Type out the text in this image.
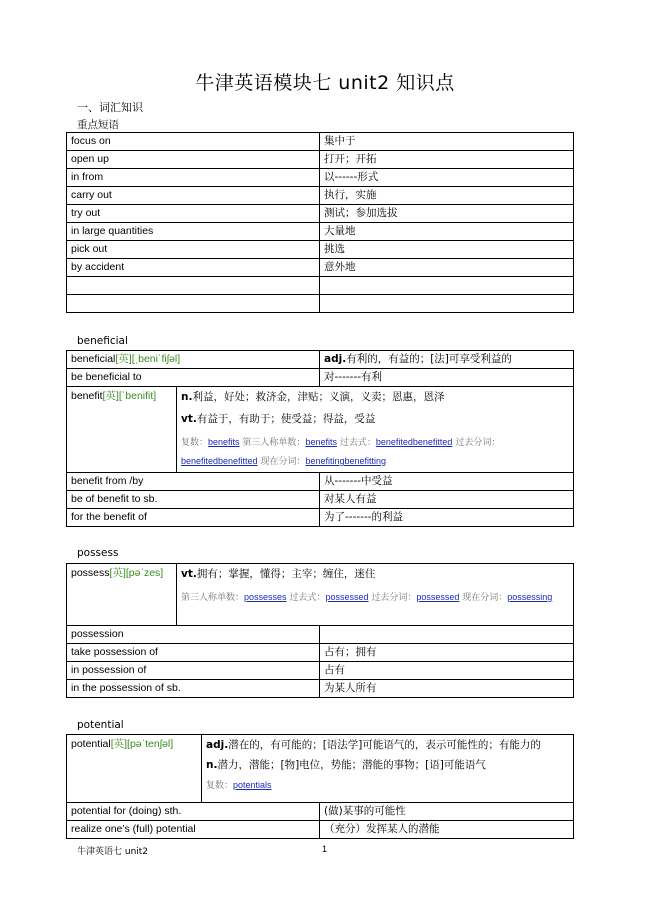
牛津英语模块七 unit2 知识点
一、词汇知识
重点短语
focus on	集中于
open up	打开；开拓
in from	以------形式
carry out	执行，实施
try out	测试；参加选拔
in large quantities	大量地
pick out	挑选
by accident	意外地

beneficial
beneficial[英][ˌbeniˈfiʃəl]		adj.有利的，有益的；[法]可享受利益的
be beneficial to		对-------有利
benefit[英][ˈbenifit]	n.利益，好处；救济金，津贴；义演，义卖；恩惠，恩泽
vt.有益于，有助于；使受益；得益，受益
复数：benefits 第三人称单数：benefits 过去式：benefitedbenefitted 过去分词：benefitedbenefitted 现在分词：benefitingbenefitting	

benefit from /by		从-------中受益
be of benefit to sb.		对某人有益
for the benefit of		为了-------的利益
possess
possess[英][pəˈzes]	vt.拥有；掌握，懂得；主宰；缠住，迷住
第三人称单数：possesses 过去式：possessed 过去分词：possessed 现在分词：possessing	

possession		
take possession of		占有；拥有
in possession of		占有
in the possession of sb.		为某人所有
potential
potential[英][pəˈtenʃəl]	adj.潜在的，有可能的；[语法学]可能语气的，表示可能性的；有能力的
n.潜力，潜能；[物]电位，势能；潜能的事物；[语]可能语气
复数：potentials	

potential for (doing) sth.		(做)某事的可能性
realize one’s (full) potential		（充分）发挥某人的潜能
牛津英语七 unit2	1
